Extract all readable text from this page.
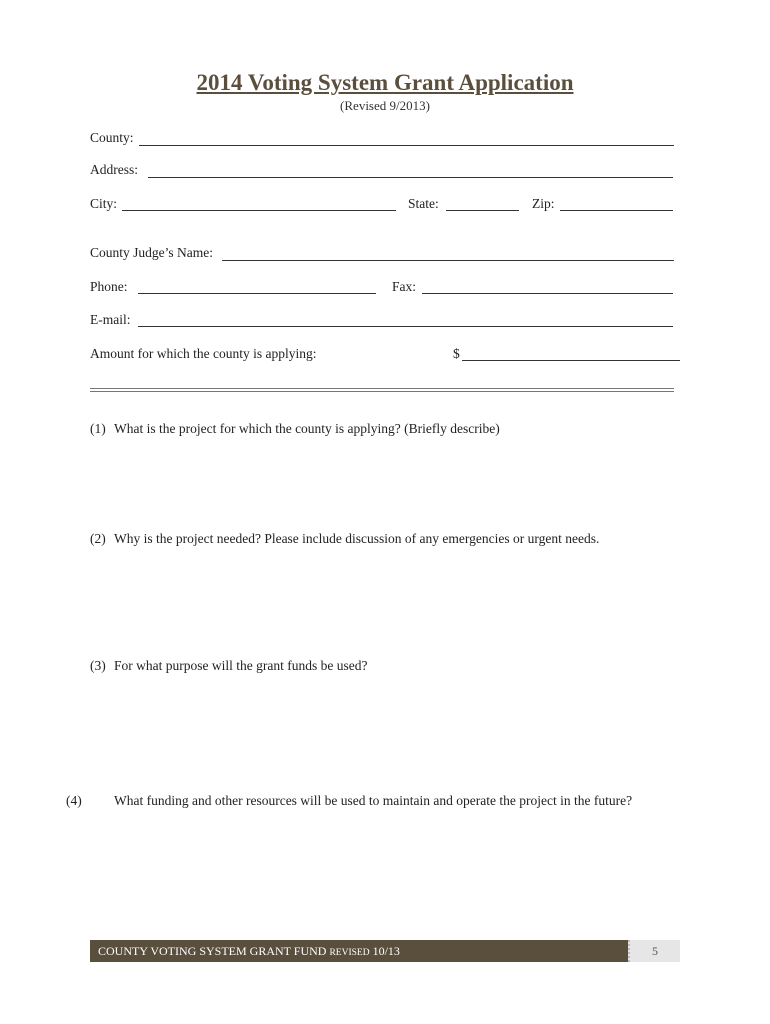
2014 Voting System Grant Application
(Revised 9/2013)
County:
Address:
City:	State:	Zip:
County Judge’s Name:
Phone:	Fax:
E-mail:
Amount for which the county is applying:	$
(1) What is the project for which the county is applying? (Briefly describe)
(2) Why is the project needed? Please include discussion of any emergencies or urgent needs.
(3) For what purpose will the grant funds be used?
(4) What funding and other resources will be used to maintain and operate the project in the future?
COUNTY VOTING SYSTEM GRANT FUND REVISED 10/13	5
